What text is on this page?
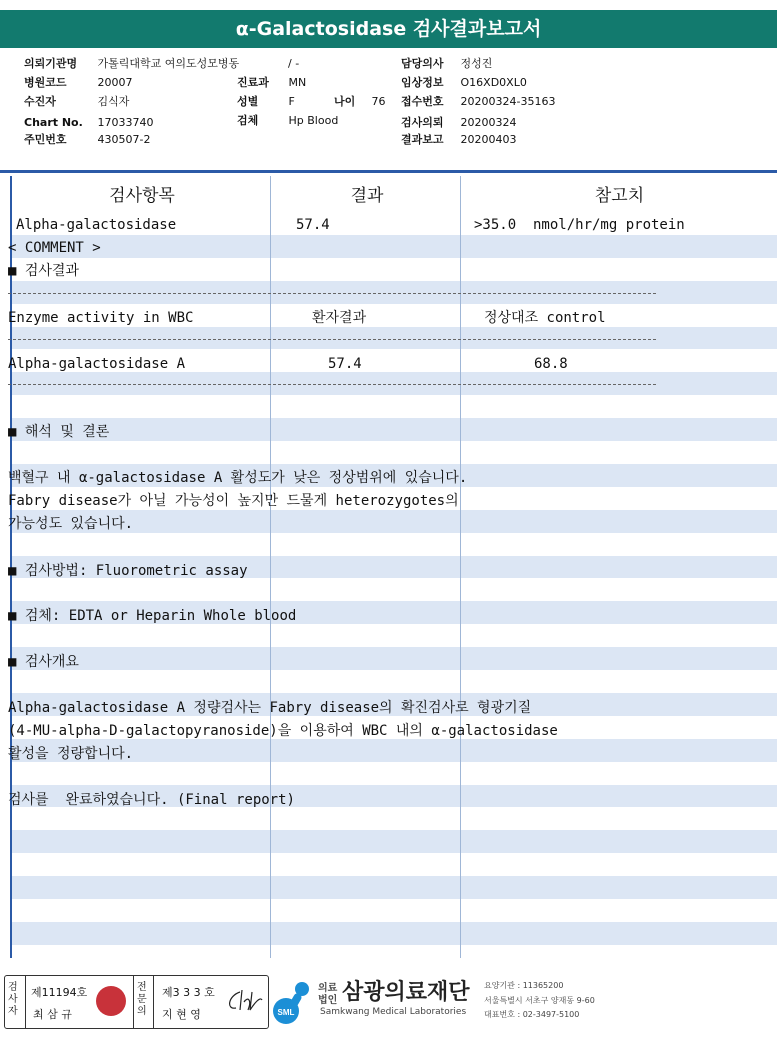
α-Galactosidase 검사결과보고서
의뢰기관명 가톨릭대학교 여의도성모병동	/ -
병원코드	20007
수진자	김식자
Chart No. 17033740
주민번호	430507-2
진료과 MN
성별	F	나이 76
검체	Hp Blood
담당의사 정성진
임상정보 O16XD0XL0
접수번호 20200324-35163
검사의뢰 20200324
결과보고 20200403
검사항목	결과	참고치
Alpha-galactosidase	57.4	>35.0  nmol/hr/mg protein
< COMMENT >
■ 검사결과
Enzyme activity in WBC	환자결과	정상대조 control
Alpha-galactosidase A	57.4	68.8
■ 해석 및 결론
백혈구 내 α-galactosidase A 활성도가 낮은 정상범위에 있습니다.
Fabry disease가 아닐 가능성이 높지만 드물게 heterozygotes의
가능성도 있습니다.
■ 검사방법: Fluorometric assay
■ 검체: EDTA or Heparin Whole blood
■ 검사개요
Alpha-galactosidase A 정량검사는 Fabry disease의 확진검사로 형광기질
(4-MU-alpha-D-galactopyranoside)을 이용하여 WBC 내의 α-galactosidase
활성을 정량합니다.
검사를  완료하였습니다. (Final report)
검사자
제11194호
최 삼 규
전문의
제3 3 3 호
지 현 영	SML
의료
법인 삼광의료재단
Samkwang Medical Laboratories
요양기관 : 11365200
서울특별시 서초구 양재동 9-60
대표번호 : 02-3497-5100
